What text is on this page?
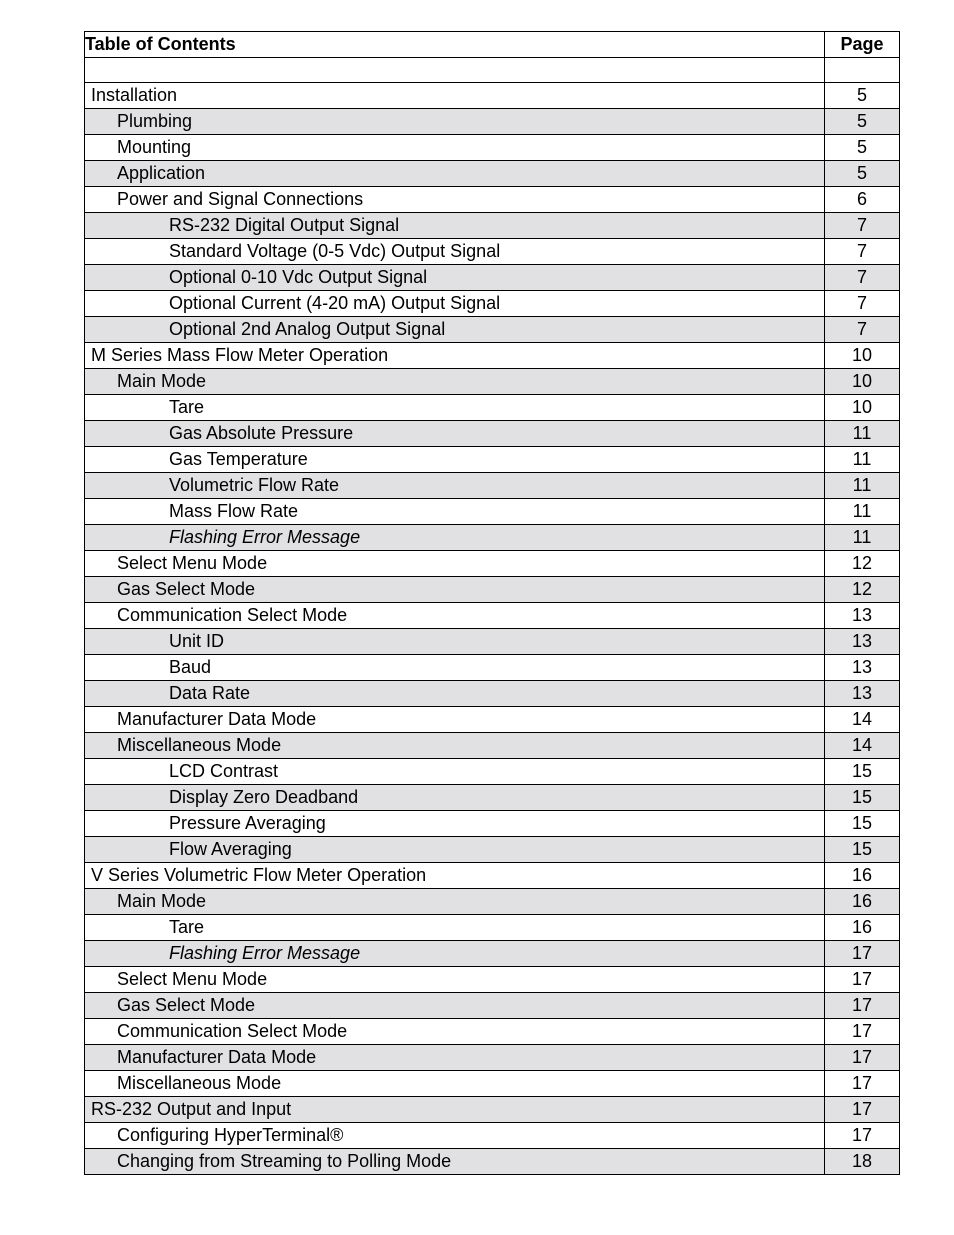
Table of Contents	Page

Installation	5
Plumbing	5
Mounting	5
Application	5
Power and Signal Connections	6
RS-232 Digital Output Signal	7
Standard Voltage (0-5 Vdc) Output Signal	7
Optional 0-10 Vdc Output Signal	7
Optional Current (4-20 mA) Output Signal	7
Optional 2nd Analog Output Signal	7
M Series Mass Flow Meter Operation	10
Main Mode	10
Tare	10
Gas Absolute Pressure	11
Gas Temperature	11
Volumetric Flow Rate	11
Mass Flow Rate	11
Flashing Error Message	11
Select Menu Mode	12
Gas Select Mode	12
Communication Select Mode	13
Unit ID	13
Baud	13
Data Rate	13
Manufacturer Data Mode	14
Miscellaneous Mode	14
LCD Contrast	15
Display Zero Deadband	15
Pressure Averaging	15
Flow Averaging	15
V Series Volumetric Flow Meter Operation	16
Main Mode	16
Tare	16
Flashing Error Message	17
Select Menu Mode	17
Gas Select Mode	17
Communication Select Mode	17
Manufacturer Data Mode	17
Miscellaneous Mode	17
RS-232 Output and Input	17
Configuring HyperTerminal®	17
Changing from Streaming to Polling Mode	18
